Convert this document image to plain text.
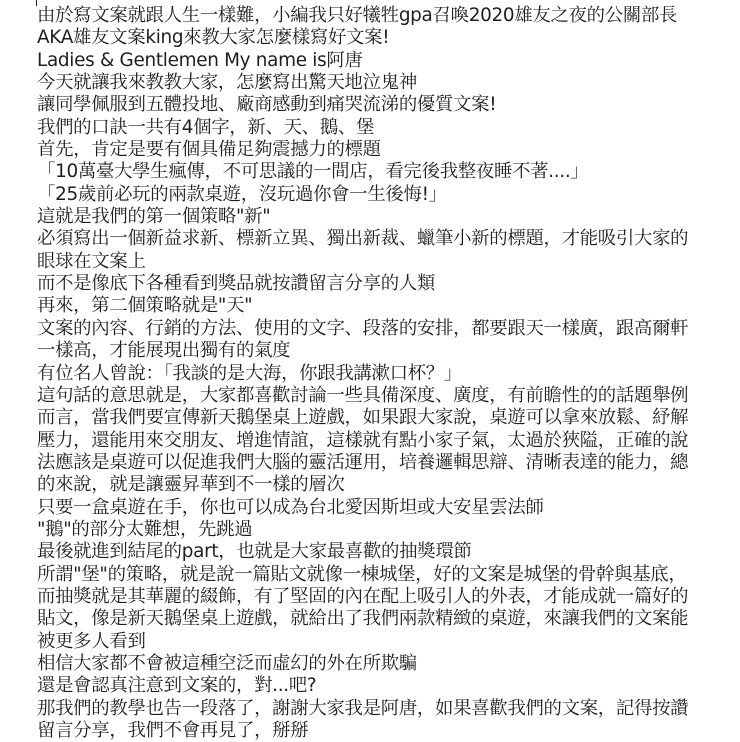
由於寫文案就跟人生一樣難，小編我只好犧牲gpa召喚2020雄友之夜的公關部長
AKA雄友文案king來教大家怎麼樣寫好文案!
Ladies & Gentlemen My name is阿唐
今天就讓我來教教大家，怎麼寫出驚天地泣鬼神
讓同學佩服到五體投地、廠商感動到痛哭流涕的優質文案!
我們的口訣一共有4個字，新、天、鵝、堡
首先，肯定是要有個具備足夠震撼力的標題
「10萬臺大學生瘋傳，不可思議的一間店，看完後我整夜睡不著....」
「25歲前必玩的兩款桌遊，沒玩過你會一生後悔!」
這就是我們的第一個策略"新"
必須寫出一個新益求新、標新立異、獨出新裁、蠟筆小新的標題，才能吸引大家的
眼球在文案上
而不是像底下各種看到獎品就按讚留言分享的人類
再來，第二個策略就是"天"
文案的內容、行銷的方法、使用的文字、段落的安排，都要跟天一樣廣，跟高爾軒
一樣高，才能展現出獨有的氣度
有位名人曾說：「我談的是大海，你跟我講漱口杯？」
這句話的意思就是，大家都喜歡討論一些具備深度、廣度，有前瞻性的的話題舉例
而言，當我們要宣傳新天鵝堡桌上遊戲，如果跟大家說，桌遊可以拿來放鬆、紓解
壓力，還能用來交朋友、增進情誼，這樣就有點小家子氣，太過於狹隘，正確的說
法應該是桌遊可以促進我們大腦的靈活運用，培養邏輯思辯、清晰表達的能力，總
的來說，就是讓靈昇華到不一樣的層次
只要一盒桌遊在手，你也可以成為台北愛因斯坦或大安星雲法師
"鵝"的部分太難想，先跳過
最後就進到結尾的part，也就是大家最喜歡的抽獎環節
所謂"堡"的策略，就是說一篇貼文就像一棟城堡，好的文案是城堡的骨幹與基底，
而抽獎就是其華麗的綴飾，有了堅固的內在配上吸引人的外表，才能成就一篇好的
貼文，像是新天鵝堡桌上遊戲，就給出了我們兩款精緻的桌遊，來讓我們的文案能
被更多人看到
相信大家都不會被這種空泛而虛幻的外在所欺騙
還是會認真注意到文案的，對...吧?
那我們的教學也告一段落了，謝謝大家我是阿唐，如果喜歡我們的文案，記得按讚
留言分享，我們不會再見了，掰掰
